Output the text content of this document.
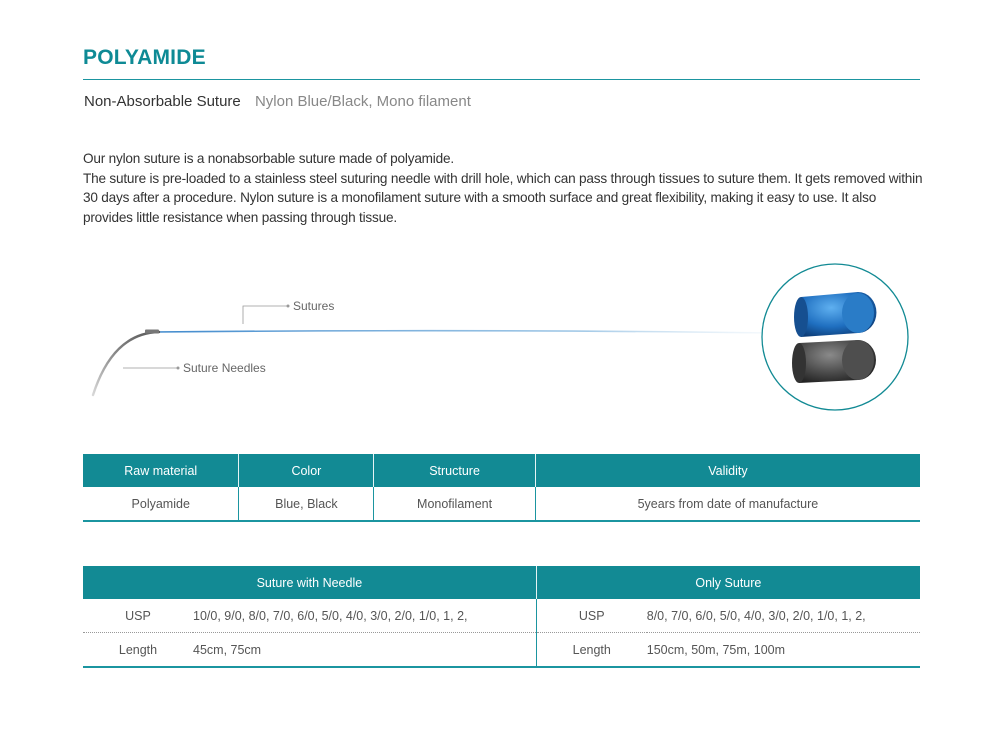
POLYAMIDE
Non-Absorbable Suture Nylon Blue/Black, Mono filament

Our nylon suture is a nonabsorbable suture made of polyamide.

The suture is pre-loaded to a stainless steel suturing needle with drill hole, which can pass through tissues to suture them. It gets removed within 30 days after a procedure. Nylon suture is a monofilament suture with a smooth surface and great flexibility, making it easy to use. It also provides little resistance when passing through tissue.

Sutures
Suture Needles
Raw material	Color	Structure	Validity
Polyamide	Blue, Black	Monofilament	5years from date of manufacture
Suture with Needle		Only Suture	
USP	10/0, 9/0, 8/0, 7/0, 6/0, 5/0, 4/0, 3/0, 2/0, 1/0, 1, 2,	USP	8/0, 7/0, 6/0, 5/0, 4/0, 3/0, 2/0, 1/0, 1, 2,
Length	45cm, 75cm	Length	150cm, 50m, 75m, 100m
